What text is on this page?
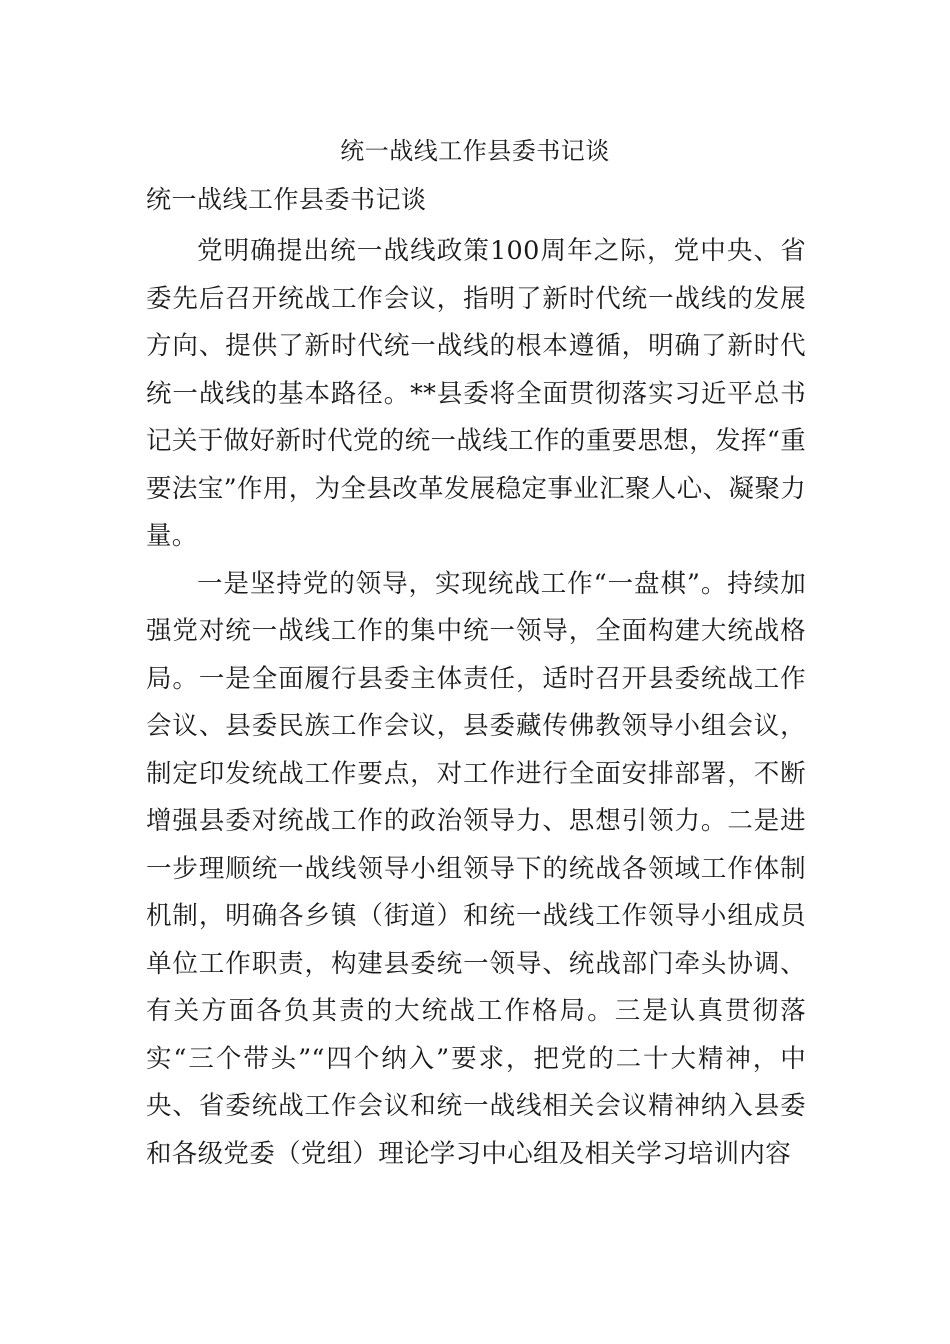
统一战线工作县委书记谈
统一战线工作县委书记谈

党明确提出统一战线政策100周年之际，党中央、省委先后召开统战工作会议，指明了新时代统一战线的发展方向、提供了新时代统一战线的根本遵循，明确了新时代统一战线的基本路径。**县委将全面贯彻落实习近平总书记关于做好新时代党的统一战线工作的重要思想，发挥“重要法宝”作用，为全县改革发展稳定事业汇聚人心、凝聚力量。

一是坚持党的领导，实现统战工作“一盘棋”。持续加强党对统一战线工作的集中统一领导，全面构建大统战格局。一是全面履行县委主体责任，适时召开县委统战工作会议、县委民族工作会议，县委藏传佛教领导小组会议，制定印发统战工作要点，对工作进行全面安排部署，不断增强县委对统战工作的政治领导力、思想引领力。二是进一步理顺统一战线领导小组领导下的统战各领域工作体制机制，明确各乡镇（街道）和统一战线工作领导小组成员单位工作职责，构建县委统一领导、统战部门牵头协调、有关方面各负其责的大统战工作格局。三是认真贯彻落实“三个带头”“四个纳入”要求，把党的二十大精神，中央、省委统战工作会议和统一战线相关会议精神纳入县委和各级党委（党组）理论学习中心组及相关学习培训内容
